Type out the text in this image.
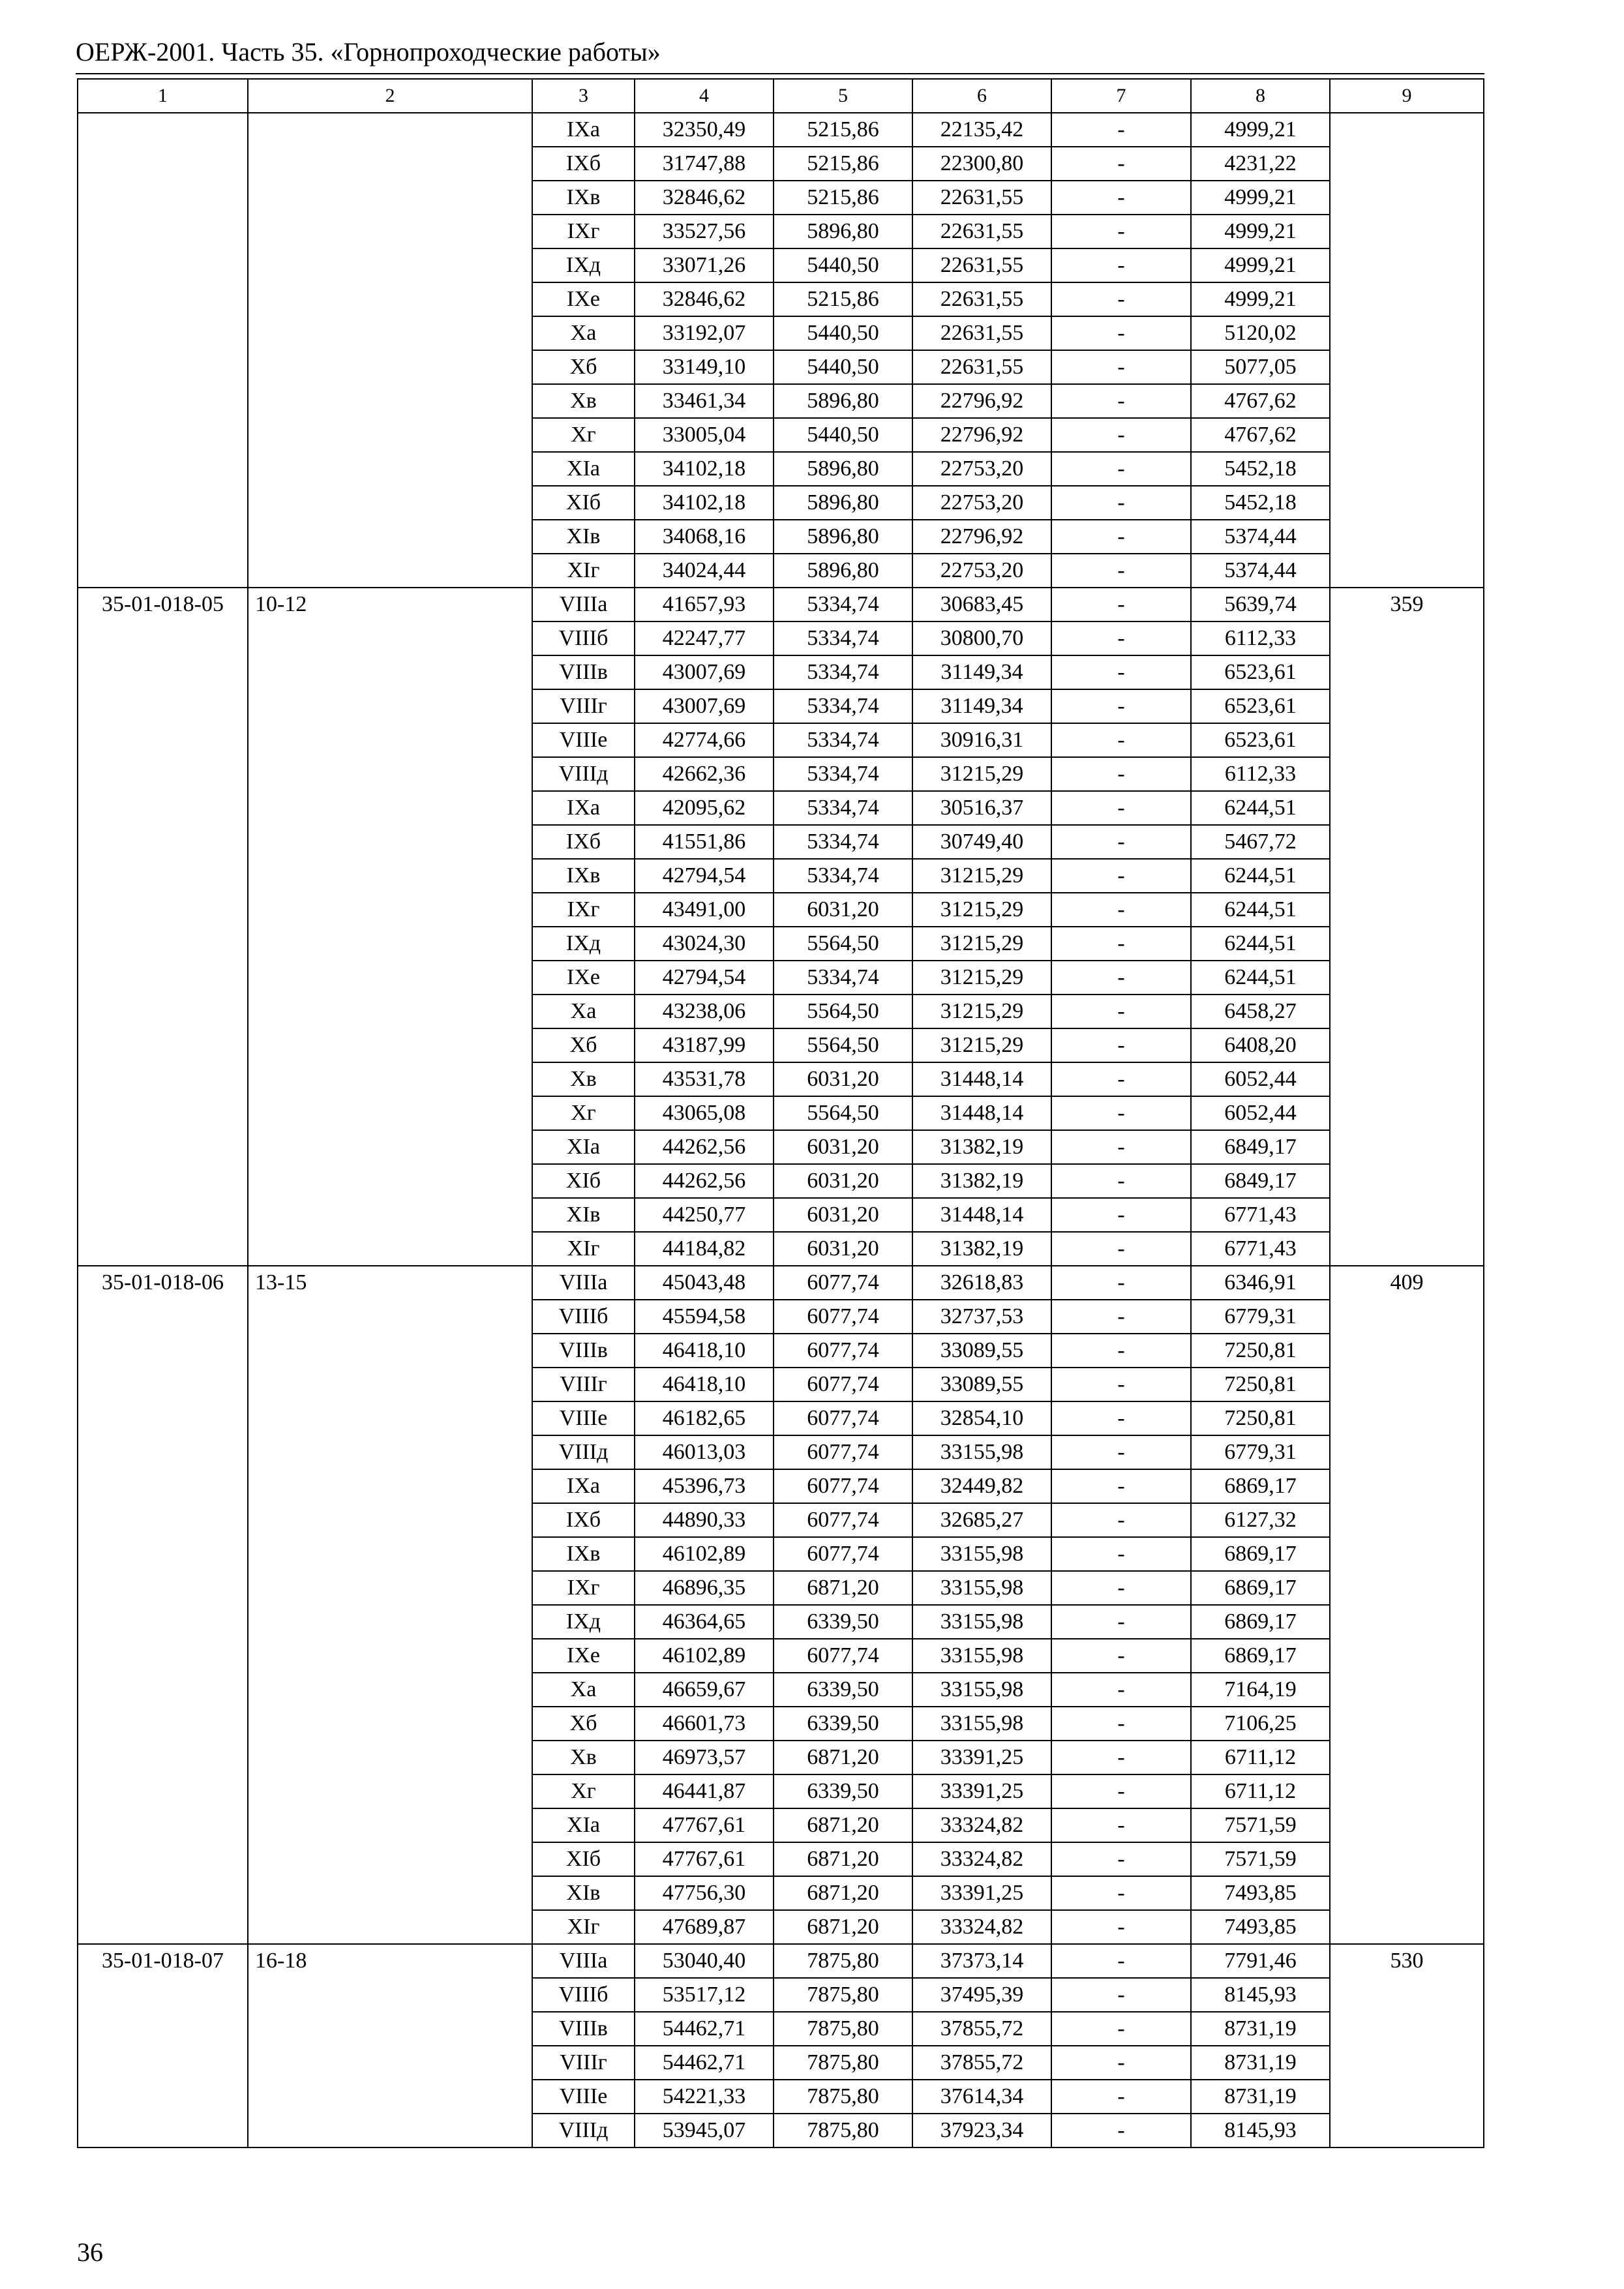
ОЕРЖ-2001. Часть 35. «Горнопроходческие работы»
1	2	3	4	5	6	7	8	9
		IXа	32350,49	5215,86	22135,42	-	4999,21	
		IXб	31747,88	5215,86	22300,80	-	4231,22	
		IXв	32846,62	5215,86	22631,55	-	4999,21	
		IXг	33527,56	5896,80	22631,55	-	4999,21	
		IXд	33071,26	5440,50	22631,55	-	4999,21	
		IXе	32846,62	5215,86	22631,55	-	4999,21	
		Xа	33192,07	5440,50	22631,55	-	5120,02	
		Xб	33149,10	5440,50	22631,55	-	5077,05	
		Xв	33461,34	5896,80	22796,92	-	4767,62	
		Xг	33005,04	5440,50	22796,92	-	4767,62	
		XIа	34102,18	5896,80	22753,20	-	5452,18	
		XIб	34102,18	5896,80	22753,20	-	5452,18	
		XIв	34068,16	5896,80	22796,92	-	5374,44	
		XIг	34024,44	5896,80	22753,20	-	5374,44	
35-01-018-05	10-12	VIIIа	41657,93	5334,74	30683,45	-	5639,74	359
		VIIIб	42247,77	5334,74	30800,70	-	6112,33	
		VIIIв	43007,69	5334,74	31149,34	-	6523,61	
		VIIIг	43007,69	5334,74	31149,34	-	6523,61	
		VIIIе	42774,66	5334,74	30916,31	-	6523,61	
		VIIIд	42662,36	5334,74	31215,29	-	6112,33	
		IXа	42095,62	5334,74	30516,37	-	6244,51	
		IXб	41551,86	5334,74	30749,40	-	5467,72	
		IXв	42794,54	5334,74	31215,29	-	6244,51	
		IXг	43491,00	6031,20	31215,29	-	6244,51	
		IXд	43024,30	5564,50	31215,29	-	6244,51	
		IXе	42794,54	5334,74	31215,29	-	6244,51	
		Xа	43238,06	5564,50	31215,29	-	6458,27	
		Xб	43187,99	5564,50	31215,29	-	6408,20	
		Xв	43531,78	6031,20	31448,14	-	6052,44	
		Xг	43065,08	5564,50	31448,14	-	6052,44	
		XIа	44262,56	6031,20	31382,19	-	6849,17	
		XIб	44262,56	6031,20	31382,19	-	6849,17	
		XIв	44250,77	6031,20	31448,14	-	6771,43	
		XIг	44184,82	6031,20	31382,19	-	6771,43	
35-01-018-06	13-15	VIIIа	45043,48	6077,74	32618,83	-	6346,91	409
		VIIIб	45594,58	6077,74	32737,53	-	6779,31	
		VIIIв	46418,10	6077,74	33089,55	-	7250,81	
		VIIIг	46418,10	6077,74	33089,55	-	7250,81	
		VIIIе	46182,65	6077,74	32854,10	-	7250,81	
		VIIIд	46013,03	6077,74	33155,98	-	6779,31	
		IXа	45396,73	6077,74	32449,82	-	6869,17	
		IXб	44890,33	6077,74	32685,27	-	6127,32	
		IXв	46102,89	6077,74	33155,98	-	6869,17	
		IXг	46896,35	6871,20	33155,98	-	6869,17	
		IXд	46364,65	6339,50	33155,98	-	6869,17	
		IXе	46102,89	6077,74	33155,98	-	6869,17	
		Xа	46659,67	6339,50	33155,98	-	7164,19	
		Xб	46601,73	6339,50	33155,98	-	7106,25	
		Xв	46973,57	6871,20	33391,25	-	6711,12	
		Xг	46441,87	6339,50	33391,25	-	6711,12	
		XIа	47767,61	6871,20	33324,82	-	7571,59	
		XIб	47767,61	6871,20	33324,82	-	7571,59	
		XIв	47756,30	6871,20	33391,25	-	7493,85	
		XIг	47689,87	6871,20	33324,82	-	7493,85	
35-01-018-07	16-18	VIIIа	53040,40	7875,80	37373,14	-	7791,46	530
		VIIIб	53517,12	7875,80	37495,39	-	8145,93	
		VIIIв	54462,71	7875,80	37855,72	-	8731,19	
		VIIIг	54462,71	7875,80	37855,72	-	8731,19	
		VIIIе	54221,33	7875,80	37614,34	-	8731,19	
		VIIIд	53945,07	7875,80	37923,34	-	8145,93	
36
